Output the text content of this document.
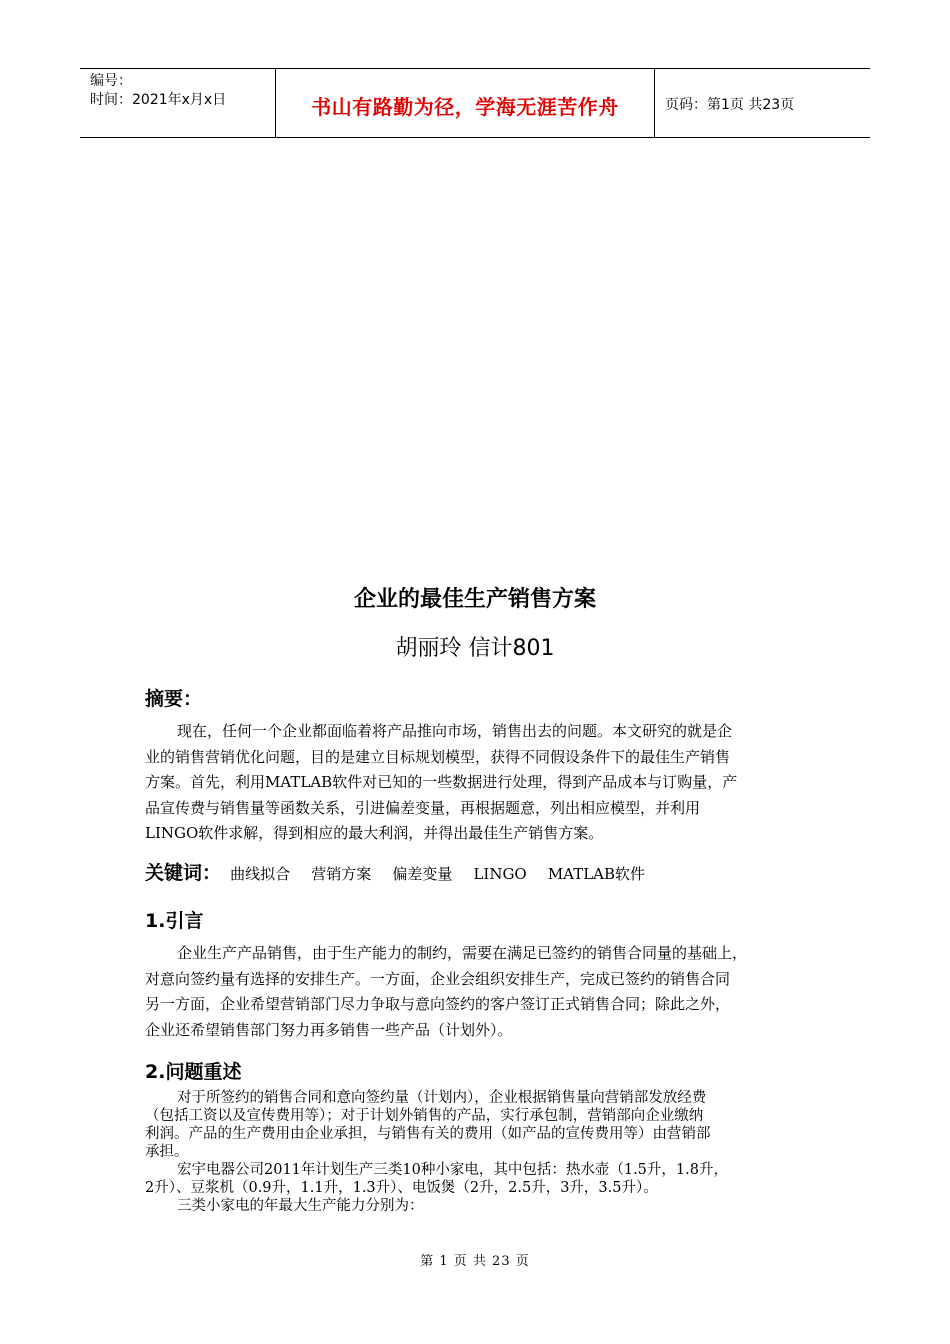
编号：
时间：2021年x月x日	书山有路勤为径，学海无涯苦作舟	页码：第1页 共23页
企业的最佳生产销售方案
胡丽玲 信计801
摘要：
现在，任何一个企业都面临着将产品推向市场，销售出去的问题。本文研究的就是企
业的销售营销优化问题，目的是建立目标规划模型，获得不同假设条件下的最佳生产销售
方案。首先，利用MATLAB软件对已知的一些数据进行处理，得到产品成本与订购量，产
品宣传费与销售量等函数关系，引进偏差变量，再根据题意，列出相应模型，并利用
LINGO软件求解，得到相应的最大利润，并得出最佳生产销售方案。
关键词： 曲线拟合 营销方案 偏差变量 LINGO MATLAB软件
1.引言
企业生产产品销售，由于生产能力的制约，需要在满足已签约的销售合同量的基础上，
对意向签约量有选择的安排生产。一方面，企业会组织安排生产，完成已签约的销售合同
另一方面，企业希望营销部门尽力争取与意向签约的客户签订正式销售合同；除此之外，
企业还希望销售部门努力再多销售一些产品（计划外）。
2.问题重述
对于所签约的销售合同和意向签约量（计划内），企业根据销售量向营销部发放经费
（包括工资以及宣传费用等）；对于计划外销售的产品，实行承包制，营销部向企业缴纳
利润。产品的生产费用由企业承担，与销售有关的费用（如产品的宣传费用等）由营销部
承担。
宏宇电器公司2011年计划生产三类10种小家电，其中包括：热水壶（1.5升，1.8升，
2升）、豆浆机（0.9升，1.1升，1.3升）、电饭煲（2升，2.5升，3升，3.5升）。
三类小家电的年最大生产能力分别为：
第 1 页 共 23 页
